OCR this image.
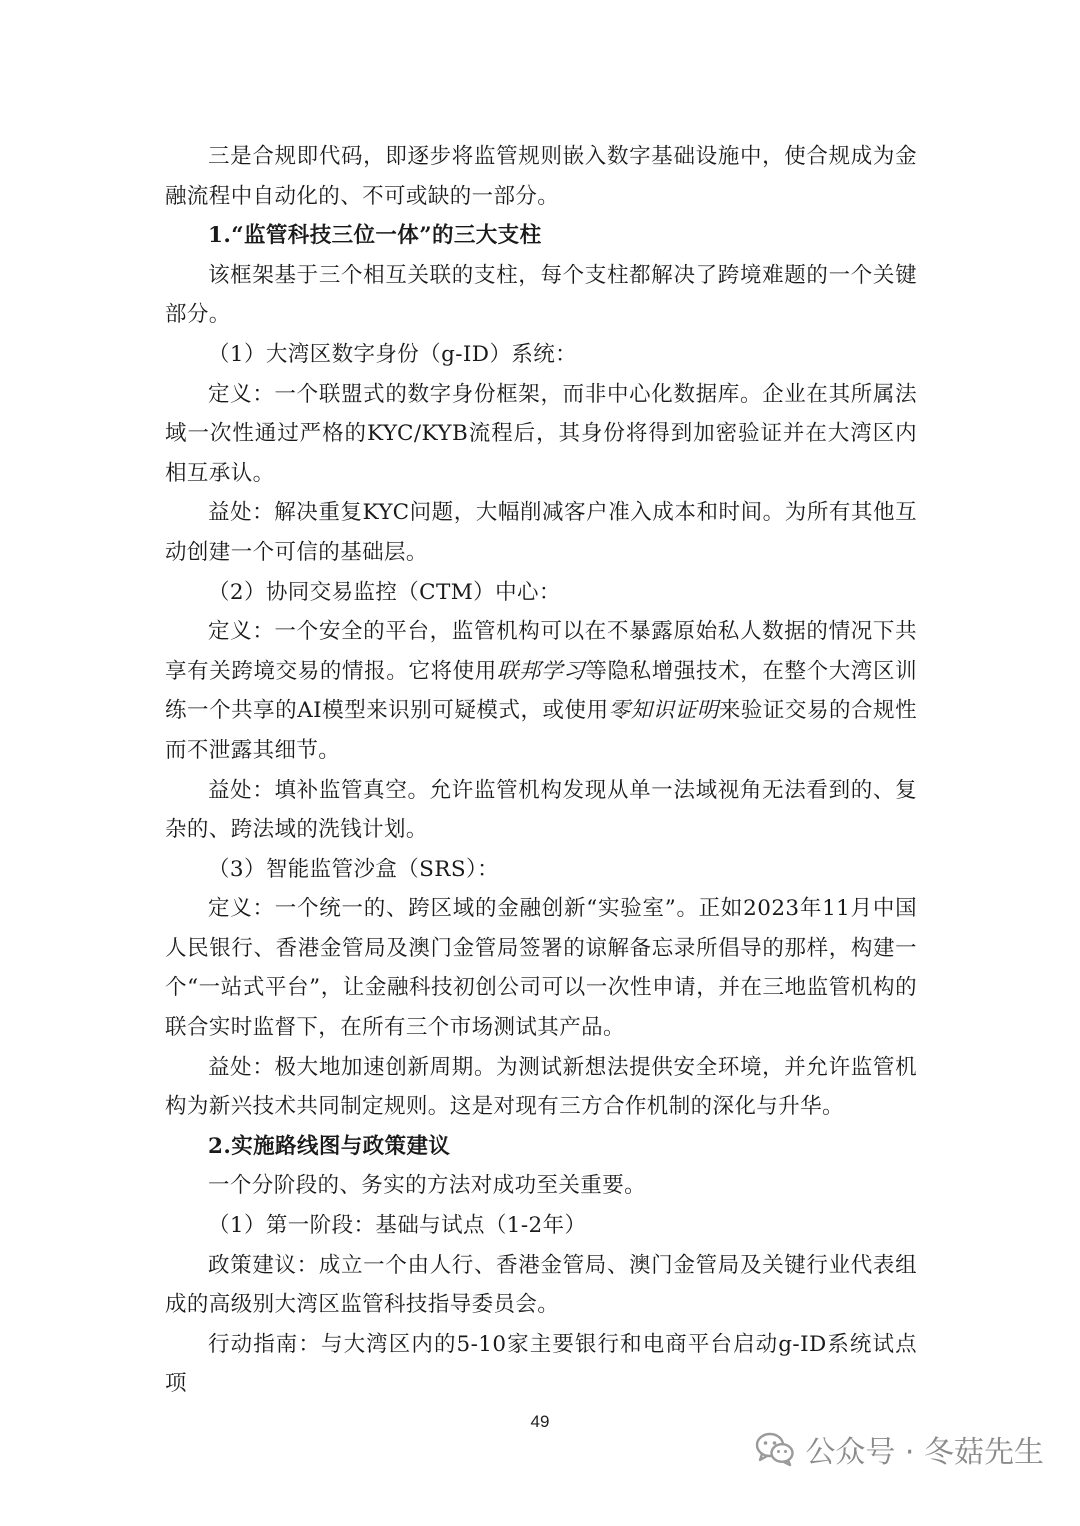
三是合规即代码，即逐步将监管规则嵌入数字基础设施中，使合规成为金融流程中自动化的、不可或缺的一部分。

1.“监管科技三位一体”的三大支柱

该框架基于三个相互关联的支柱，每个支柱都解决了跨境难题的一个关键部分。

（1）大湾区数字身份（g-ID）系统：

定义：一个联盟式的数字身份框架，而非中心化数据库。企业在其所属法域一次性通过严格的KYC/KYB流程后，其身份将得到加密验证并在大湾区内相互承认。

益处：解决重复KYC问题，大幅削减客户准入成本和时间。为所有其他互动创建一个可信的基础层。

（2）协同交易监控（CTM）中心：

定义：一个安全的平台，监管机构可以在不暴露原始私人数据的情况下共享有关跨境交易的情报。它将使用联邦学习等隐私增强技术，在整个大湾区训练一个共享的AI模型来识别可疑模式，或使用零知识证明来验证交易的合规性而不泄露其细节。

益处：填补监管真空。允许监管机构发现从单一法域视角无法看到的、复杂的、跨法域的洗钱计划。

（3）智能监管沙盒（SRS）：

定义：一个统一的、跨区域的金融创新“实验室”。正如2023年11月中国人民银行、香港金管局及澳门金管局签署的谅解备忘录所倡导的那样，构建一个“一站式平台”，让金融科技初创公司可以一次性申请，并在三地监管机构的联合实时监督下，在所有三个市场测试其产品。

益处：极大地加速创新周期。为测试新想法提供安全环境，并允许监管机构为新兴技术共同制定规则。这是对现有三方合作机制的深化与升华。

2.实施路线图与政策建议

一个分阶段的、务实的方法对成功至关重要。

（1）第一阶段：基础与试点（1-2年）

政策建议：成立一个由人行、香港金管局、澳门金管局及关键行业代表组成的高级别大湾区监管科技指导委员会。

行动指南：与大湾区内的5-10家主要银行和电商平台启动g-ID系统试点项

49
公众号 · 冬菇先生
